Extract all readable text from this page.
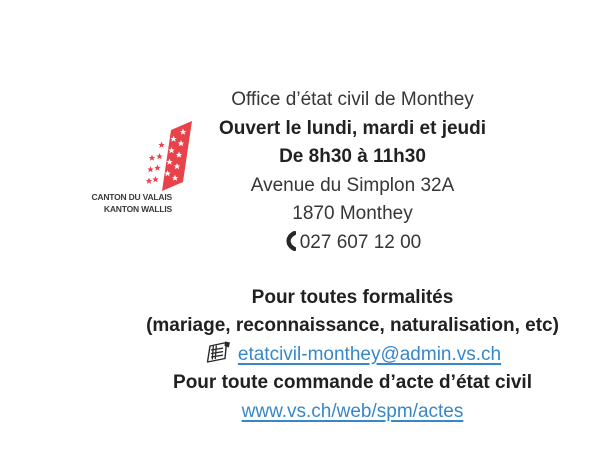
CANTON DU VALAIS
KANTON WALLIS
Office d’état civil de Monthey
Ouvert le lundi, mardi et jeudi
De 8h30 à 11h30
Avenue du Simplon 32A
1870 Monthey
027 607 12 00
Pour toutes formalités
(mariage, reconnaissance, naturalisation, etc)
etatcivil-monthey@admin.vs.ch
Pour toute commande d’acte d’état civil
www.vs.ch/web/spm/actes
